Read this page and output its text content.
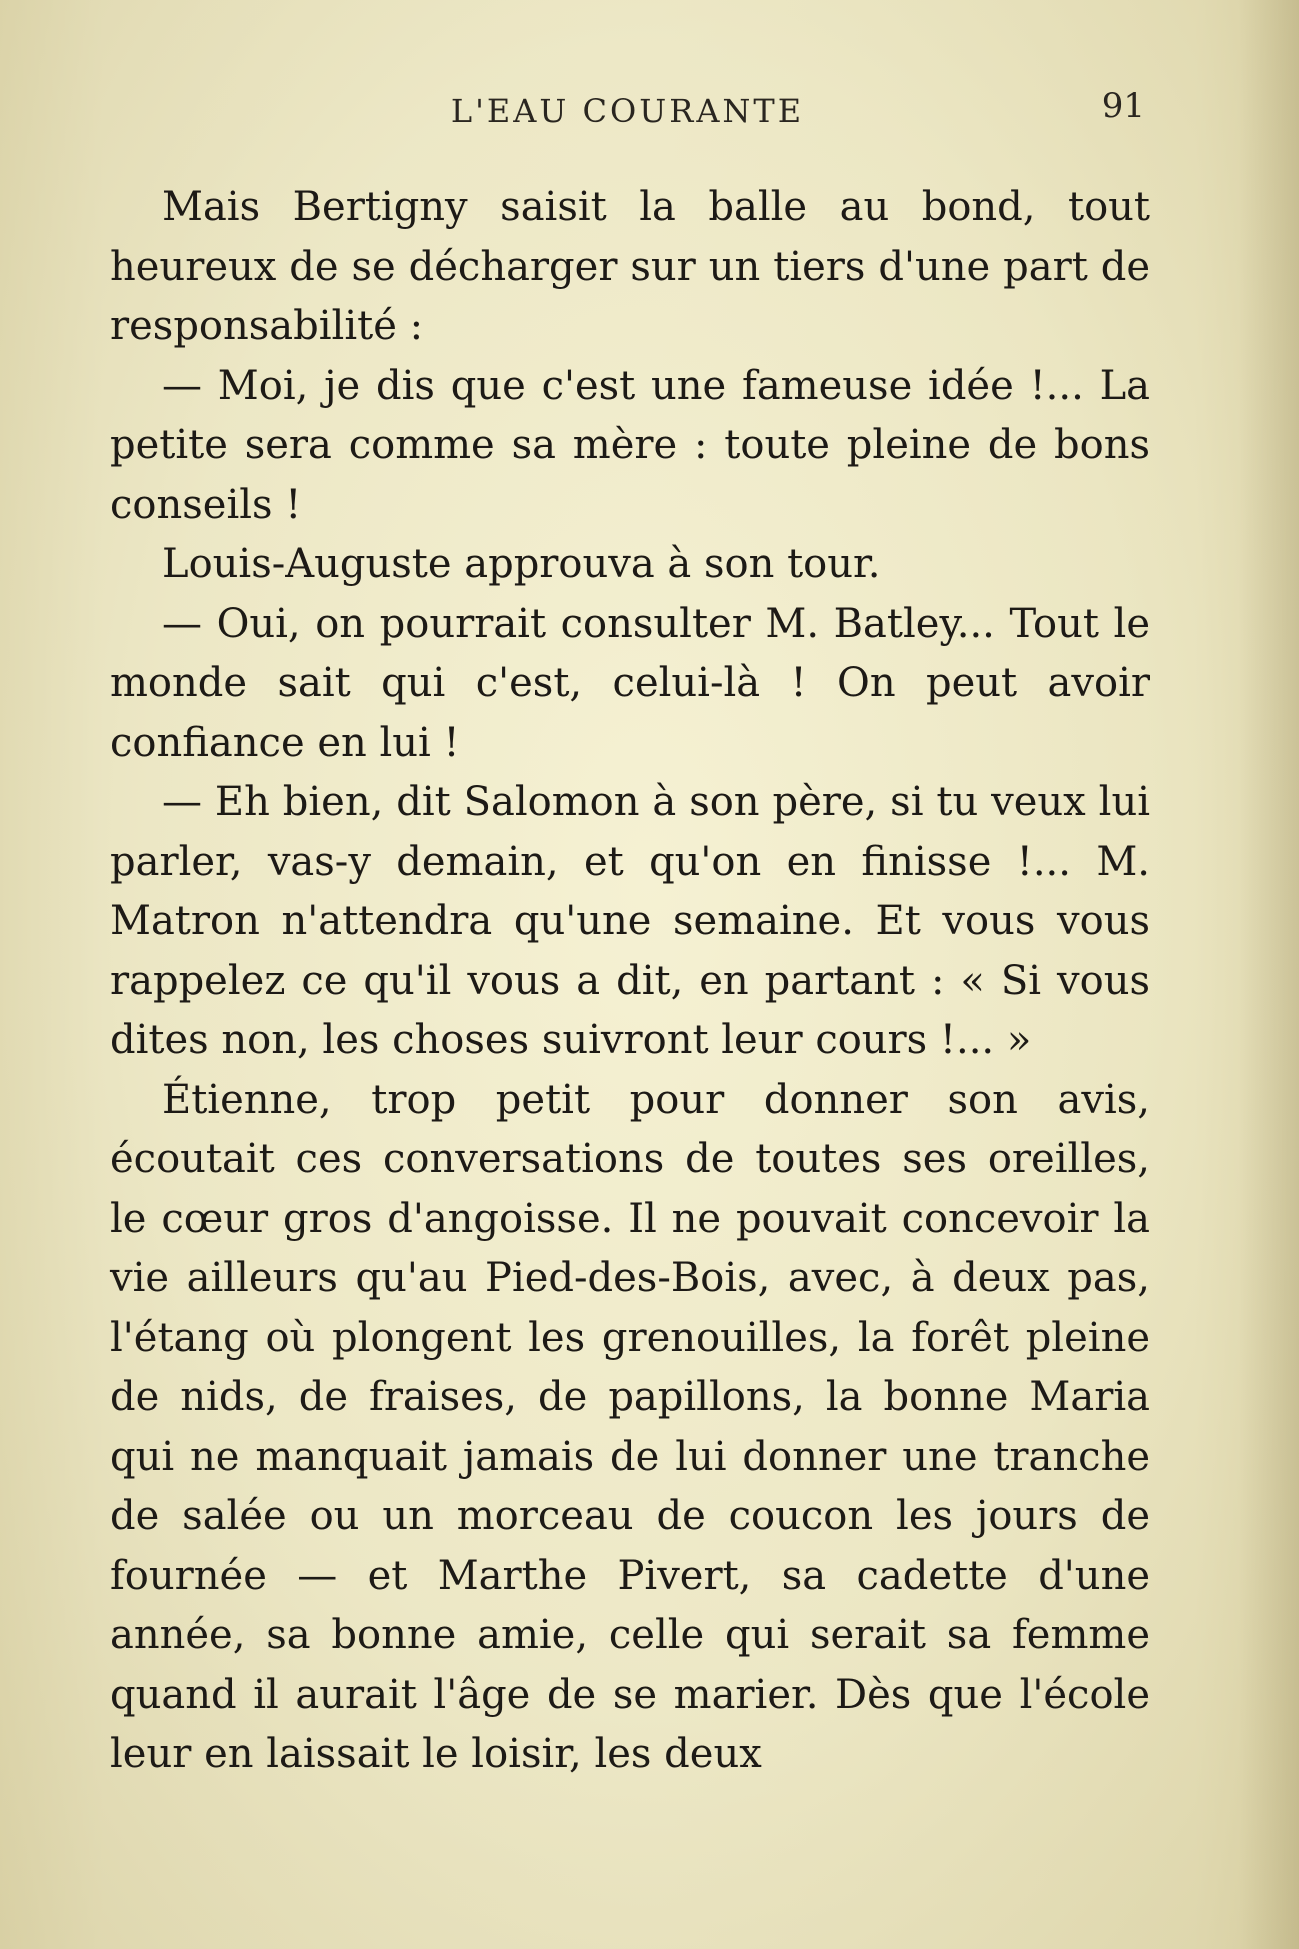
L'EAU COURANTE	91

Mais Bertigny saisit la balle au bond, tout heureux de se décharger sur un tiers d'une part de responsabilité :

— Moi, je dis que c'est une fameuse idée !... La petite sera comme sa mère : toute pleine de bons conseils !

Louis-Auguste approuva à son tour.

— Oui, on pourrait consulter M. Batley... Tout le monde sait qui c'est, celui-là ! On peut avoir confiance en lui !

— Eh bien, dit Salomon à son père, si tu veux lui parler, vas-y demain, et qu'on en finisse !... M. Matron n'attendra qu'une semaine. Et vous vous rappelez ce qu'il vous a dit, en partant : « Si vous dites non, les choses suivront leur cours !... »

Étienne, trop petit pour donner son avis, écoutait ces conversations de toutes ses oreilles, le cœur gros d'angoisse. Il ne pouvait concevoir la vie ailleurs qu'au Pied-des-Bois, avec, à deux pas, l'étang où plongent les grenouilles, la forêt pleine de nids, de fraises, de papillons, la bonne Maria qui ne manquait jamais de lui donner une tranche de salée ou un morceau de coucon les jours de fournée — et Marthe Pivert, sa cadette d'une année, sa bonne amie, celle qui serait sa femme quand il aurait l'âge de se marier. Dès que l'école leur en laissait le loisir, les deux
